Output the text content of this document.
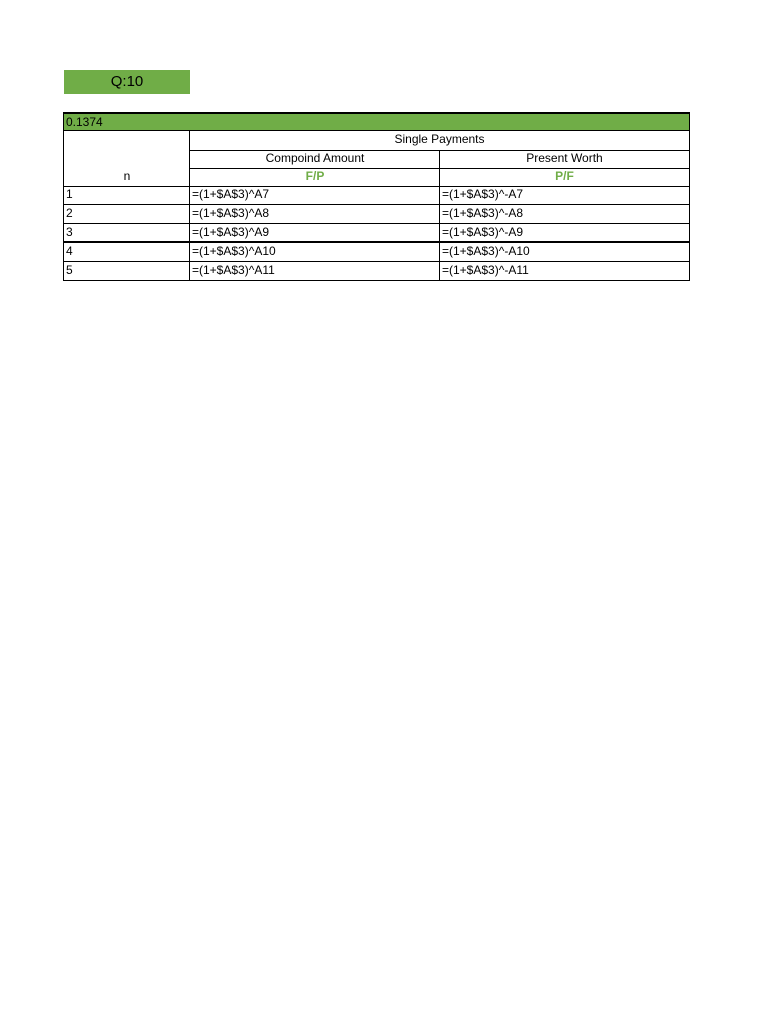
Q:10
0.1374
n
Single Payments
Compoind Amount	Present Worth
F/P	P/F
1	=(1+$A$3)^A7	=(1+$A$3)^-A7
2	=(1+$A$3)^A8	=(1+$A$3)^-A8
3	=(1+$A$3)^A9	=(1+$A$3)^-A9
4	=(1+$A$3)^A10	=(1+$A$3)^-A10
5	=(1+$A$3)^A11	=(1+$A$3)^-A11
